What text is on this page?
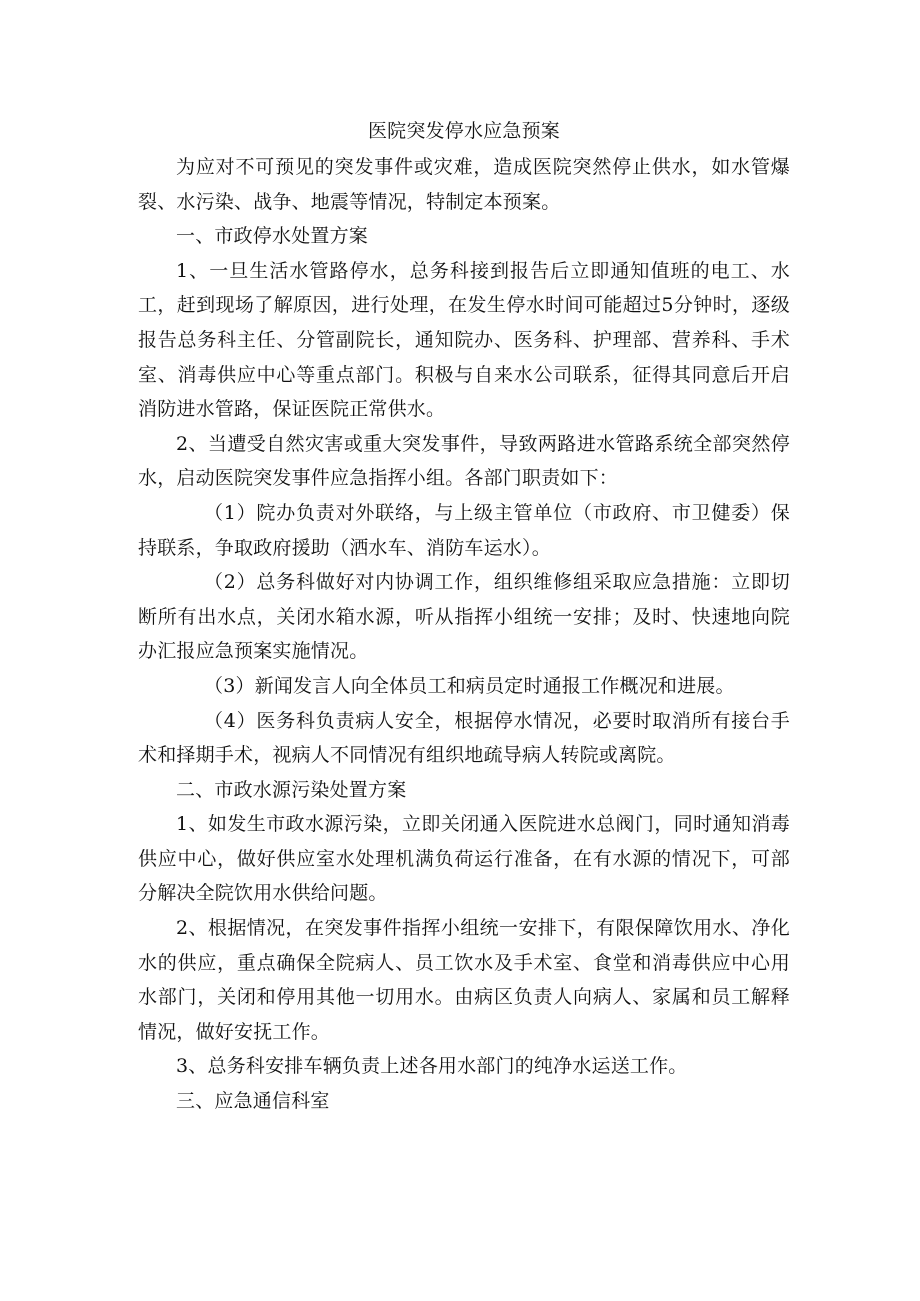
医院突发停水应急预案

为应对不可预见的突发事件或灾难，造成医院突然停止供水，如水管爆裂、水污染、战争、地震等情况，特制定本预案。

一、市政停水处置方案

1、一旦生活水管路停水，总务科接到报告后立即通知值班的电工、水工，赶到现场了解原因，进行处理，在发生停水时间可能超过5分钟时，逐级报告总务科主任、分管副院长，通知院办、医务科、护理部、营养科、手术室、消毒供应中心等重点部门。积极与自来水公司联系，征得其同意后开启消防进水管路，保证医院正常供水。

2、当遭受自然灾害或重大突发事件，导致两路进水管路系统全部突然停水，启动医院突发事件应急指挥小组。各部门职责如下：

（1）院办负责对外联络，与上级主管单位（市政府、市卫健委）保持联系，争取政府援助（洒水车、消防车运水）。

（2）总务科做好对内协调工作，组织维修组采取应急措施：立即切断所有出水点，关闭水箱水源，听从指挥小组统一安排；及时、快速地向院办汇报应急预案实施情况。

（3）新闻发言人向全体员工和病员定时通报工作概况和进展。

（4）医务科负责病人安全，根据停水情况，必要时取消所有接台手术和择期手术，视病人不同情况有组织地疏导病人转院或离院。

二、市政水源污染处置方案

1、如发生市政水源污染，立即关闭通入医院进水总阀门，同时通知消毒供应中心，做好供应室水处理机满负荷运行准备，在有水源的情况下，可部分解决全院饮用水供给问题。

2、根据情况，在突发事件指挥小组统一安排下，有限保障饮用水、净化水的供应，重点确保全院病人、员工饮水及手术室、食堂和消毒供应中心用水部门，关闭和停用其他一切用水。由病区负责人向病人、家属和员工解释情况，做好安抚工作。

3、总务科安排车辆负责上述各用水部门的纯净水运送工作。

三、应急通信科室
